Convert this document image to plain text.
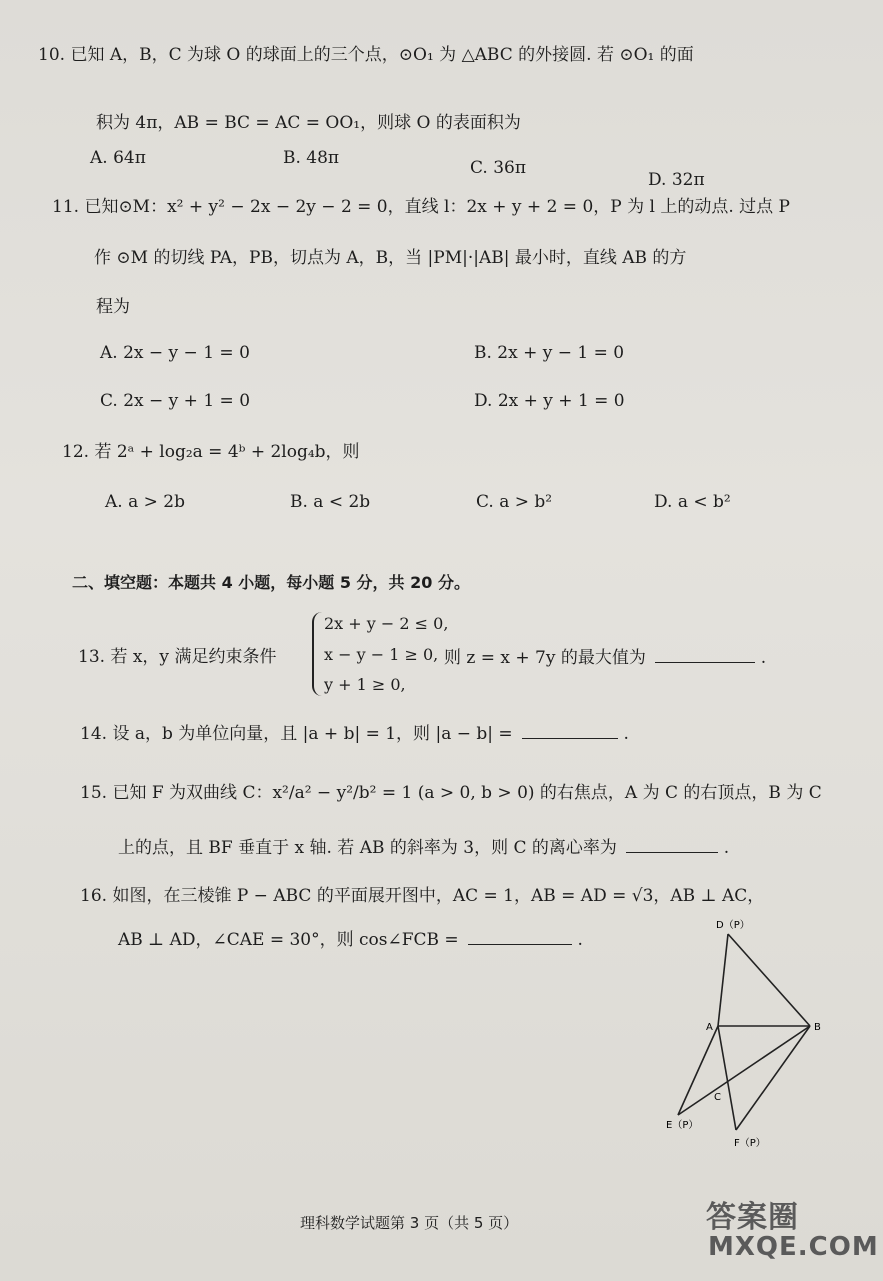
10. 已知 A，B，C 为球 O 的球面上的三个点，⊙O₁ 为 △ABC 的外接圆. 若 ⊙O₁ 的面
积为 4π，AB = BC = AC = OO₁，则球 O 的表面积为
A. 64π	B. 48π	C. 36π
D. 32π
11. 已知⊙M：x² + y² − 2x − 2y − 2 = 0，直线 l：2x + y + 2 = 0，P 为 l 上的动点. 过点 P
作 ⊙M 的切线 PA，PB，切点为 A，B，当 |PM|·|AB| 最小时，直线 AB 的方
程为
A. 2x − y − 1 = 0	B. 2x + y − 1 = 0
C. 2x − y + 1 = 0	D. 2x + y + 1 = 0
12. 若 2ᵃ + log₂a = 4ᵇ + 2log₄b，则
A. a > 2b	B. a < 2b	C. a > b²	D. a < b²
二、填空题：本题共 4 小题，每小题 5 分，共 20 分。
13. 若 x，y 满足约束条件
2x + y − 2 ≤ 0,
x − y − 1 ≥ 0,
y + 1 ≥ 0,
则 z = x + 7y 的最大值为	.
14. 设 a，b 为单位向量，且 |a + b| = 1，则 |a − b| =	.
15. 已知 F 为双曲线 C：x²/a² − y²/b² = 1 (a > 0, b > 0) 的右焦点，A 为 C 的右顶点，B 为 C
上的点，且 BF 垂直于 x 轴. 若 AB 的斜率为 3，则 C 的离心率为	.
16. 如图，在三棱锥 P − ABC 的平面展开图中，AC = 1，AB = AD = √3，AB ⊥ AC，
AB ⊥ AD，∠CAE = 30°，则 cos∠FCB =	.
D（P）
A	B
C
E（P）
F（P）
理科数学试题第 3 页（共 5 页）	答案圈
MXQE.COM
